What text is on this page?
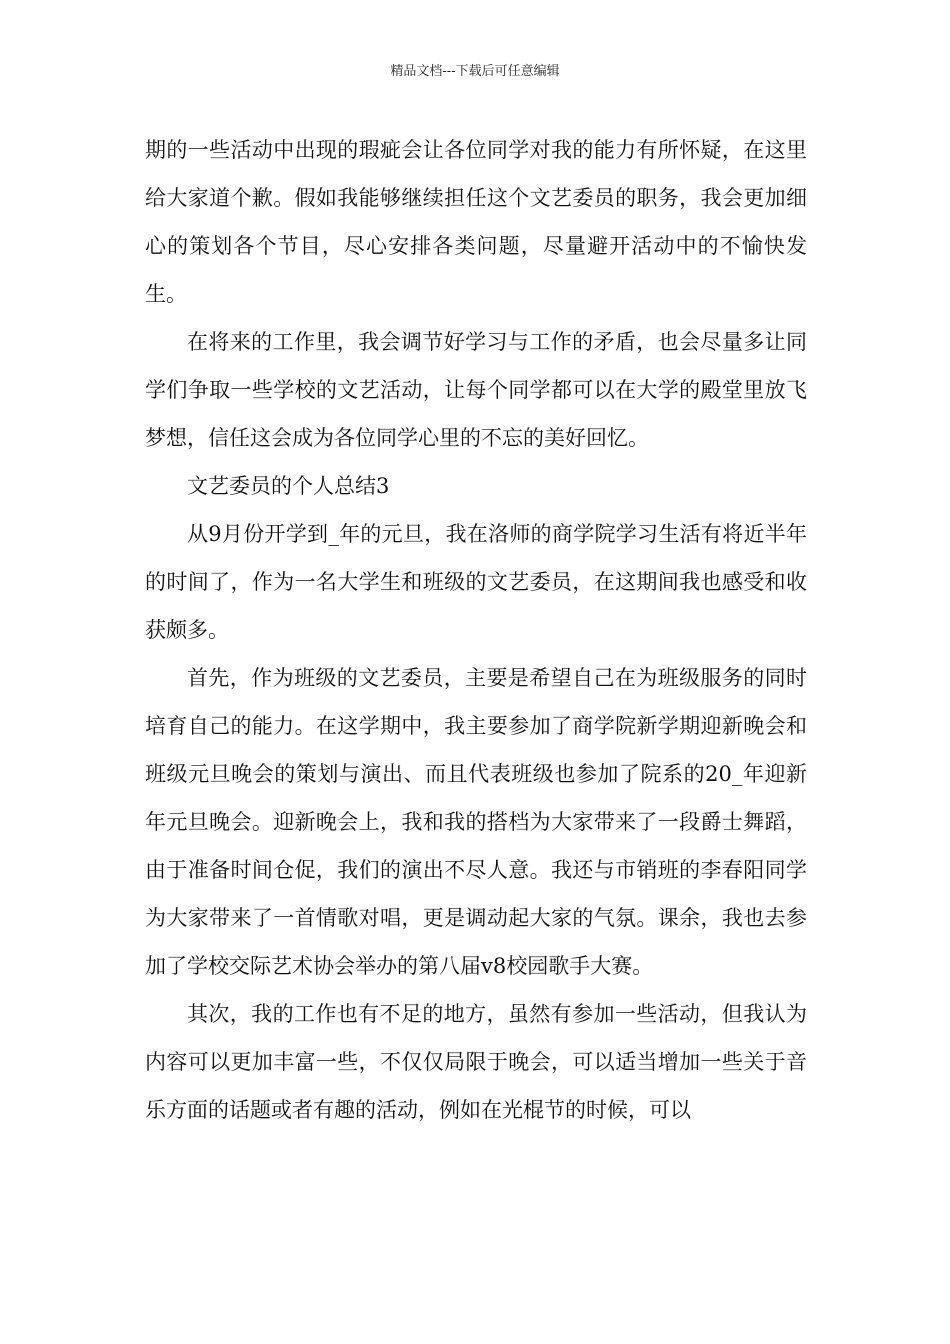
精品文档---下载后可任意编辑

期的一些活动中出现的瑕疵会让各位同学对我的能力有所怀疑，在这里给大家道个歉。假如我能够继续担任这个文艺委员的职务，我会更加细心的策划各个节目，尽心安排各类问题，尽量避开活动中的不愉快发生。

在将来的工作里，我会调节好学习与工作的矛盾，也会尽量多让同学们争取一些学校的文艺活动，让每个同学都可以在大学的殿堂里放飞梦想，信任这会成为各位同学心里的不忘的美好回忆。

文艺委员的个人总结3

从9月份开学到_年的元旦，我在洛师的商学院学习生活有将近半年的时间了，作为一名大学生和班级的文艺委员，在这期间我也感受和收获颇多。

首先，作为班级的文艺委员，主要是希望自己在为班级服务的同时培育自己的能力。在这学期中，我主要参加了商学院新学期迎新晚会和班级元旦晚会的策划与演出、而且代表班级也参加了院系的20_年迎新年元旦晚会。迎新晚会上，我和我的搭档为大家带来了一段爵士舞蹈，由于准备时间仓促，我们的演出不尽人意。我还与市销班的李春阳同学为大家带来了一首情歌对唱，更是调动起大家的气氛。课余，我也去参加了学校交际艺术协会举办的第八届v8校园歌手大赛。

其次，我的工作也有不足的地方，虽然有参加一些活动，但我认为内容可以更加丰富一些，不仅仅局限于晚会，可以适当增加一些关于音乐方面的话题或者有趣的活动，例如在光棍节的时候，可以
